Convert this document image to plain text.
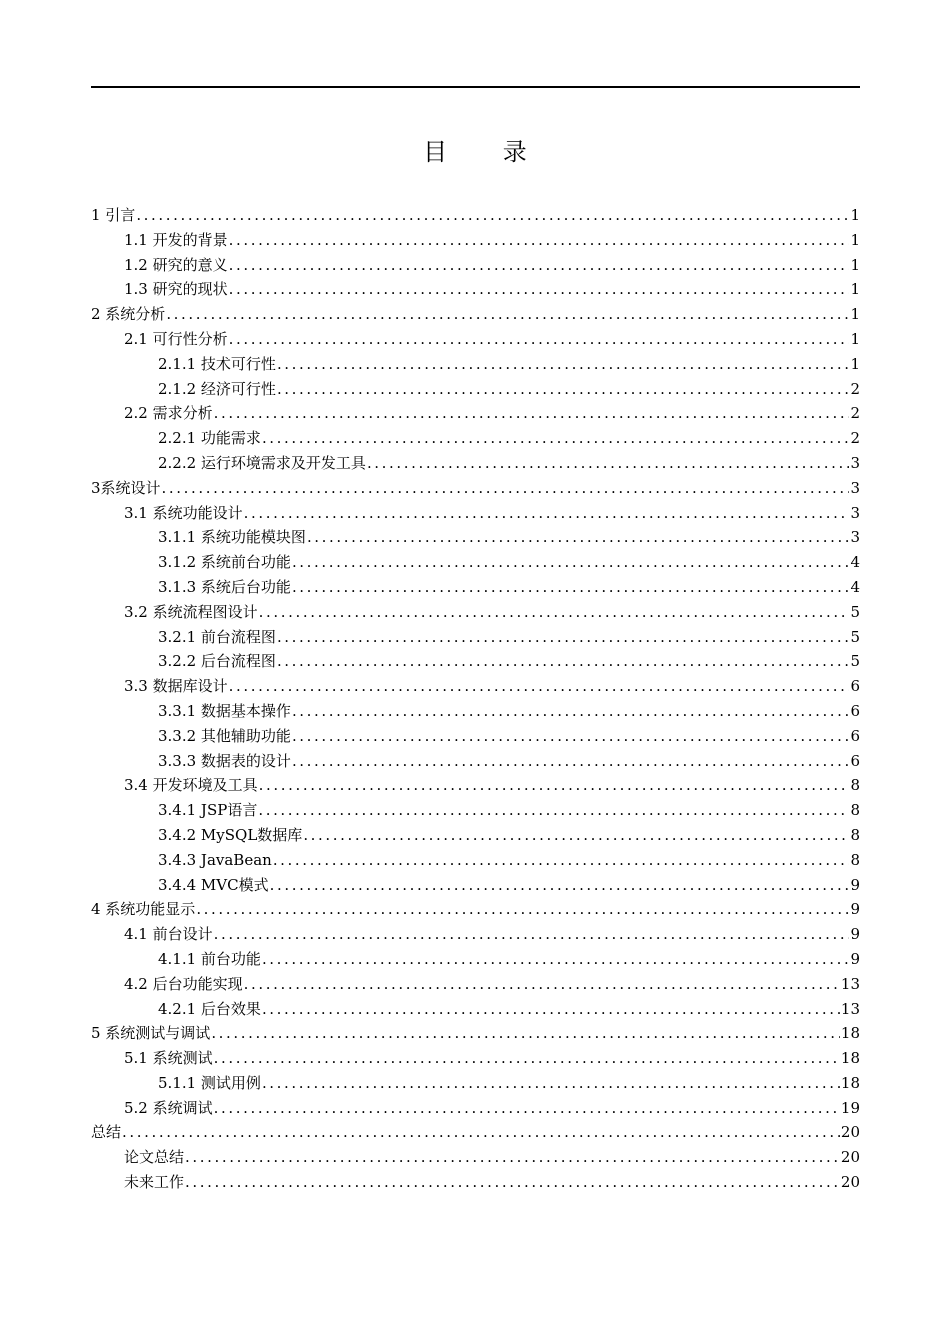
目 录
1 引言 .....	1
1.1 开发的背景 .....	1
1.2 研究的意义 .....	1
1.3 研究的现状 .....	1
2 系统分析 .....	1
2.1 可行性分析 .....	1
2.1.1 技术可行性 .....	1
2.1.2 经济可行性 .....	2
2.2 需求分析 .....	2
2.2.1 功能需求 .....	2
2.2.2 运行环境需求及开发工具 .....	3
3系统设计 .....	3
3.1 系统功能设计 .....	3
3.1.1 系统功能模块图 .....	3
3.1.2 系统前台功能 .....	4
3.1.3 系统后台功能 .....	4
3.2 系统流程图设计 .....	5
3.2.1 前台流程图 .....	5
3.2.2 后台流程图 .....	5
3.3 数据库设计 .....	6
3.3.1 数据基本操作 .....	6
3.3.2 其他辅助功能 .....	6
3.3.3 数据表的设计 .....	6
3.4 开发环境及工具 .....	8
3.4.1 JSP语言 .....	8
3.4.2 MySQL数据库 .....	8
3.4.3 JavaBean .....	8
3.4.4 MVC模式 .....	9
4 系统功能显示 .....	9
4.1 前台设计 .....	9
4.1.1 前台功能 .....	9
4.2 后台功能实现 .....	13
4.2.1 后台效果 .....	13
5 系统测试与调试 .....	18
5.1 系统测试 .....	18
5.1.1 测试用例 .....	18
5.2 系统调试 .....	19
总结 .....	20
论文总结 .....	20
未来工作 .....	20
